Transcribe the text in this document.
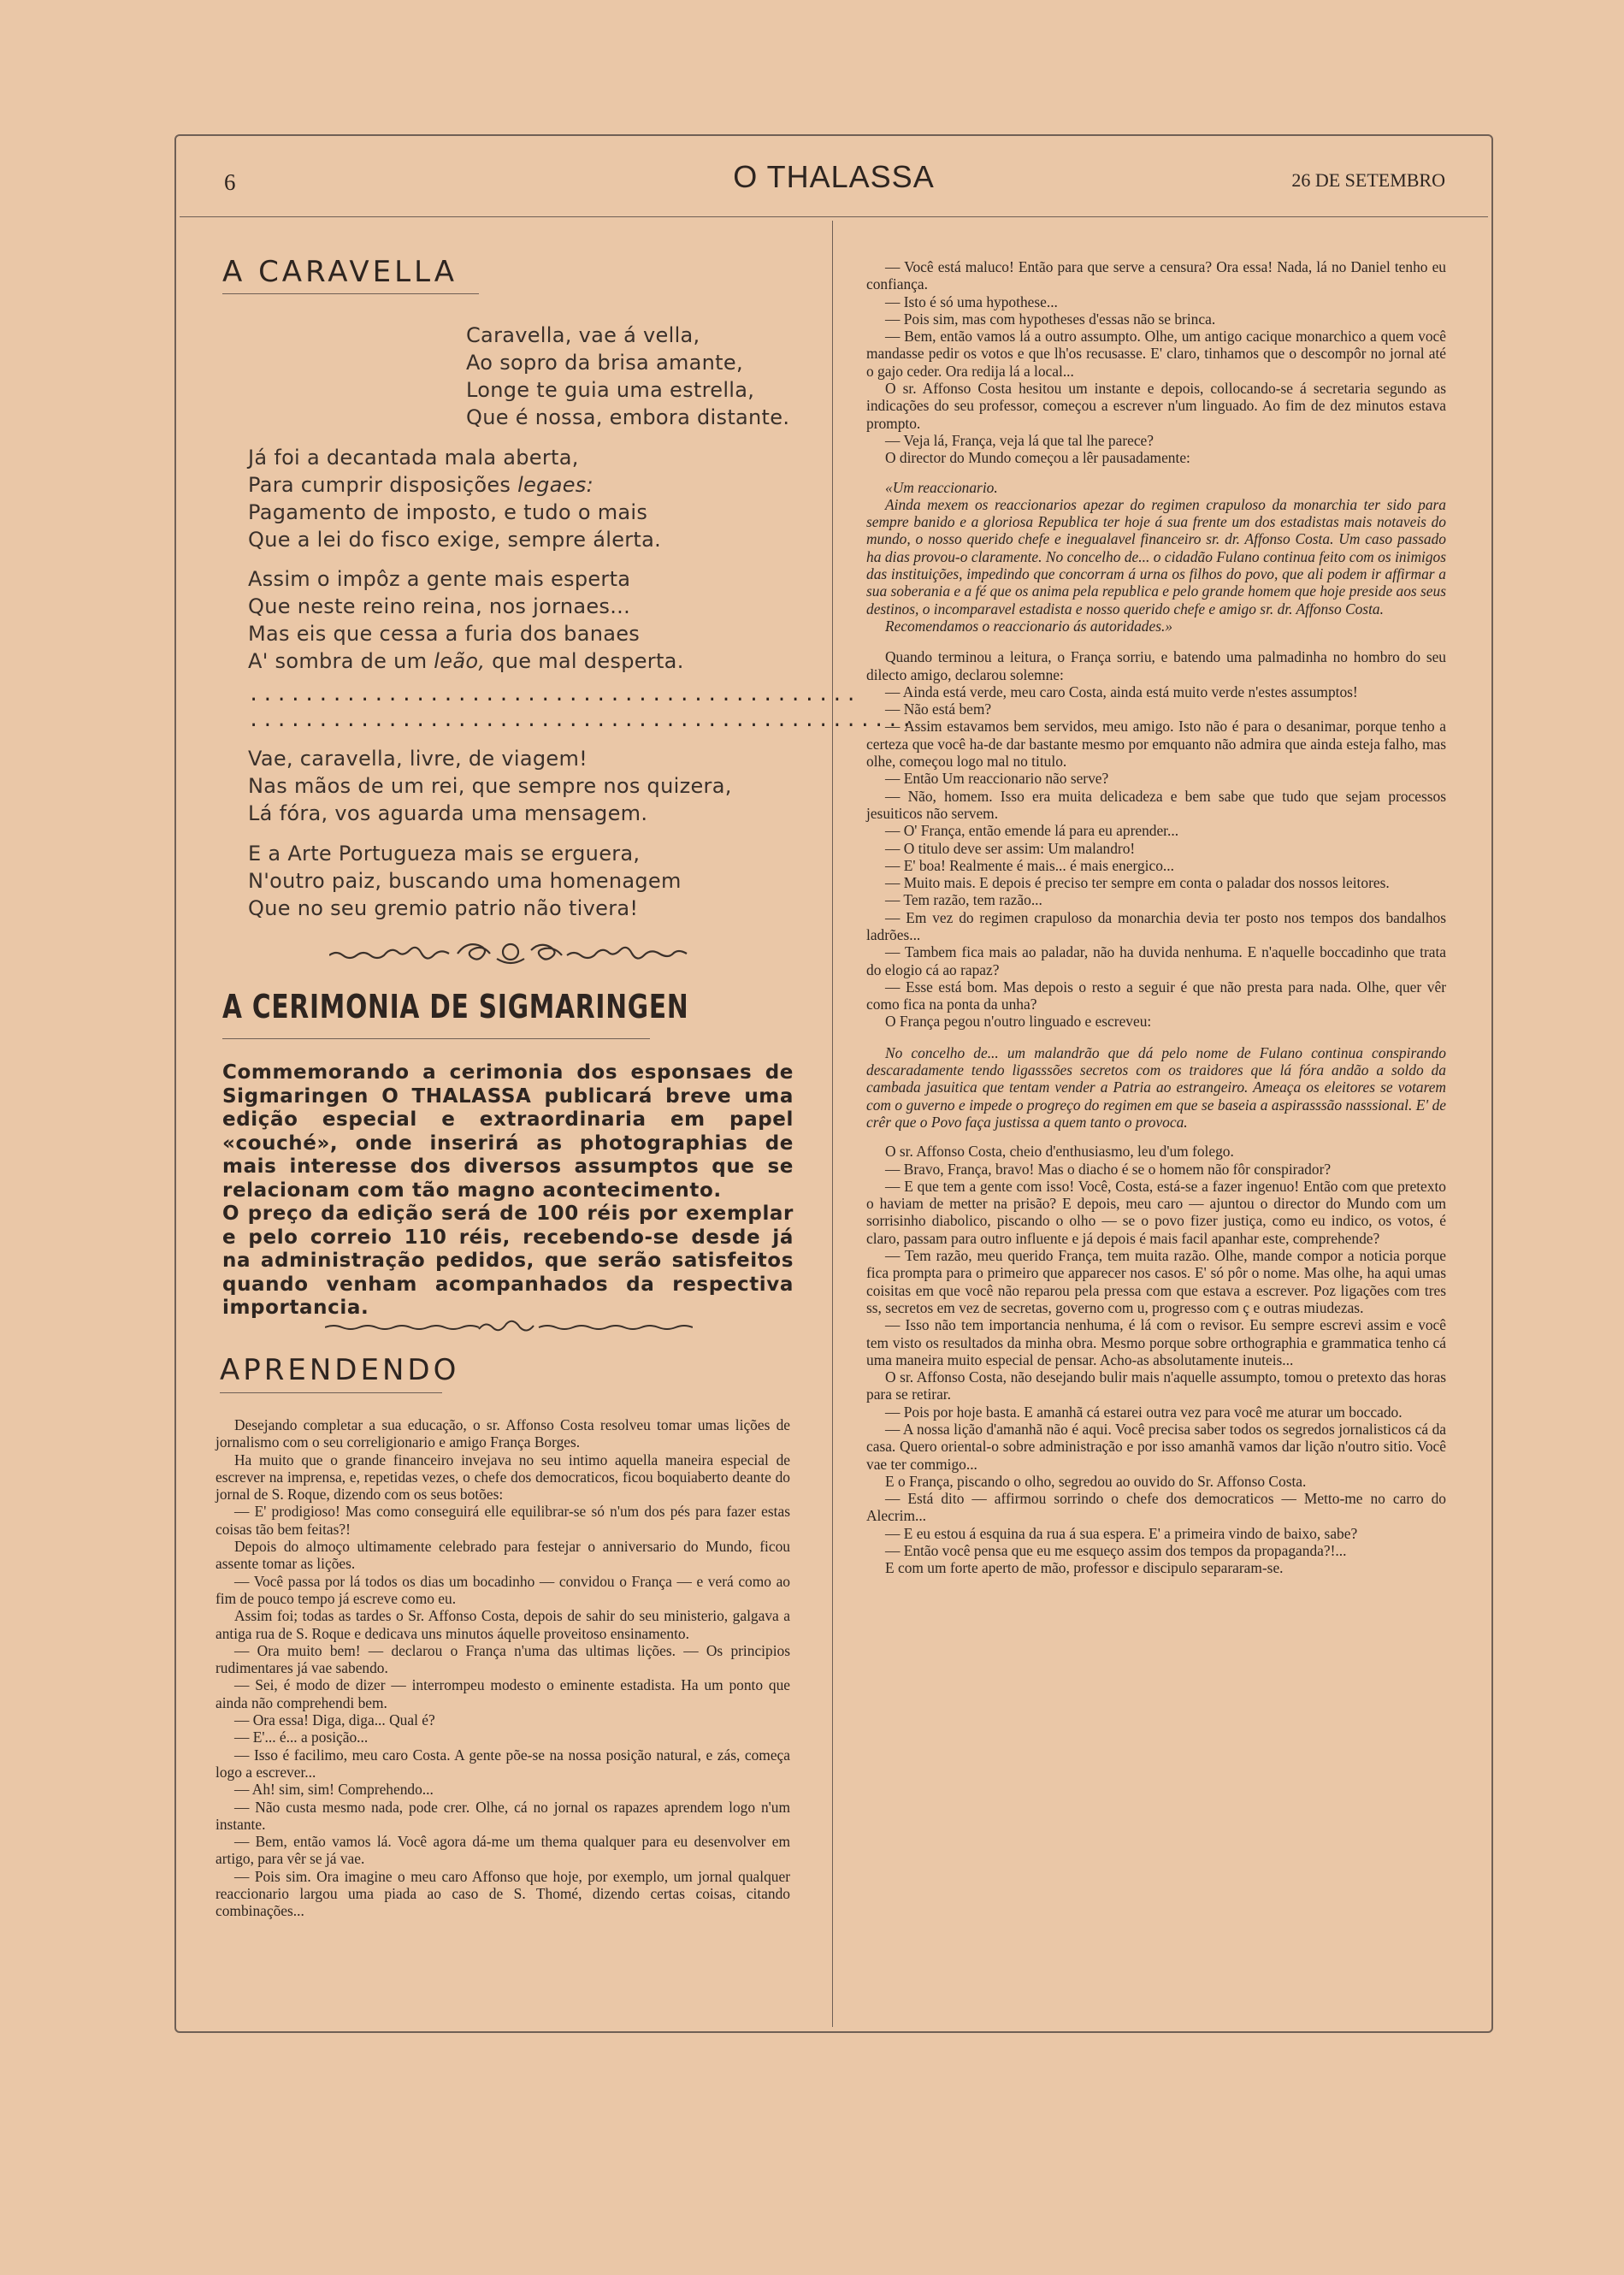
6	O THALASSA	26 DE SETEMBRO
A CARAVELLA
Caravella, vae á vella,
Ao sopro da brisa amante,
Longe te guia uma estrella,
Que é nossa, embora distante.
Já foi a decantada mala aberta,
Para cumprir disposições legaes:
Pagamento de imposto, e tudo o mais
Que a lei do fisco exige, sempre álerta.
Assim o impôz a gente mais esperta
Que neste reino reina, nos jornaes...
Mas eis que cessa a furia dos banaes
A' sombra de um leão, que mal desperta.
............................................
................................................
Vae, caravella, livre, de viagem!
Nas mãos de um rei, que sempre nos quizera,
Lá fóra, vos aguarda uma mensagem.
E a Arte Portugueza mais se erguera,
N'outro paiz, buscando uma homenagem
Que no seu gremio patrio não tivera!
A CERIMONIA DE SIGMARINGEN

Commemorando a cerimonia dos esponsaes de Sigmaringen O THALASSA publicará breve uma edição especial e extraordinaria em papel «couché», onde inserirá as photographias de mais interesse dos diversos assumptos que se relacionam com tão magno acontecimento.

O preço da edição será de 100 réis por exemplar e pelo correio 110 réis, recebendo-se desde já na administração pedidos, que serão satisfeitos quando venham acompanhados da respectiva importancia.

APRENDENDO

Desejando completar a sua educação, o sr. Affonso Costa resolveu tomar umas lições de jornalismo com o seu correligionario e amigo França Borges.

Ha muito que o grande financeiro invejava no seu intimo aquella maneira especial de escrever na imprensa, e, repetidas vezes, o chefe dos democraticos, ficou boquiaberto deante do jornal de S. Roque, dizendo com os seus botões:

— E' prodigioso! Mas como conseguirá elle equilibrar-se só n'um dos pés para fazer estas coisas tão bem feitas?!

Depois do almoço ultimamente celebrado para festejar o anniversario do Mundo, ficou assente tomar as lições.

— Você passa por lá todos os dias um bocadinho — convidou o França — e verá como ao fim de pouco tempo já escreve como eu.

Assim foi; todas as tardes o Sr. Affonso Costa, depois de sahir do seu ministerio, galgava a antiga rua de S. Roque e dedicava uns minutos áquelle proveitoso ensinamento.

— Ora muito bem! — declarou o França n'uma das ultimas lições. — Os principios rudimentares já vae sabendo.

— Sei, é modo de dizer — interrompeu modesto o eminente estadista. Ha um ponto que ainda não comprehendi bem.

— Ora essa! Diga, diga... Qual é?

— E'... é... a posição...

— Isso é facilimo, meu caro Costa. A gente põe-se na nossa posição natural, e zás, começa logo a escrever...

— Ah! sim, sim! Comprehendo...

— Não custa mesmo nada, pode crer. Olhe, cá no jornal os rapazes aprendem logo n'um instante.

— Bem, então vamos lá. Você agora dá-me um thema qualquer para eu desenvolver em artigo, para vêr se já vae.

— Pois sim. Ora imagine o meu caro Affonso que hoje, por exemplo, um jornal qualquer reaccionario largou uma piada ao caso de S. Thomé, dizendo certas coisas, citando combinações...

— Você está maluco! Então para que serve a censura? Ora essa! Nada, lá no Daniel tenho eu confiança.

— Isto é só uma hypothese...

— Pois sim, mas com hypotheses d'essas não se brinca.

— Bem, então vamos lá a outro assumpto. Olhe, um antigo cacique monarchico a quem você mandasse pedir os votos e que lh'os recusasse. E' claro, tinhamos que o descompôr no jornal até o gajo ceder. Ora redija lá a local...

O sr. Affonso Costa hesitou um instante e depois, collocando-se á secretaria segundo as indicações do seu professor, começou a escrever n'um linguado. Ao fim de dez minutos estava prompto.

— Veja lá, França, veja lá que tal lhe parece?

O director do Mundo começou a lêr pausadamente:

«Um reaccionario.

Ainda mexem os reaccionarios apezar do regimen crapuloso da monarchia ter sido para sempre banido e a gloriosa Republica ter hoje á sua frente um dos estadistas mais notaveis do mundo, o nosso querido chefe e inegualavel financeiro sr. dr. Affonso Costa. Um caso passado ha dias provou-o claramente. No concelho de... o cidadão Fulano continua feito com os inimigos das instituições, impedindo que concorram á urna os filhos do povo, que ali podem ir affirmar a sua soberania e a fé que os anima pela republica e pelo grande homem que hoje preside aos seus destinos, o incomparavel estadista e nosso querido chefe e amigo sr. dr. Affonso Costa.

Recomendamos o reaccionario ás autoridades.»

Quando terminou a leitura, o França sorriu, e batendo uma palmadinha no hombro do seu dilecto amigo, declarou solemne:

— Ainda está verde, meu caro Costa, ainda está muito verde n'estes assumptos!

— Não está bem?

— Assim estavamos bem servidos, meu amigo. Isto não é para o desanimar, porque tenho a certeza que você ha-de dar bastante mesmo por emquanto não admira que ainda esteja falho, mas olhe, começou logo mal no titulo.

— Então Um reaccionario não serve?

— Não, homem. Isso era muita delicadeza e bem sabe que tudo que sejam processos jesuiticos não servem.

— O' França, então emende lá para eu aprender...

— O titulo deve ser assim: Um malandro!

— E' boa! Realmente é mais... é mais energico...

— Muito mais. E depois é preciso ter sempre em conta o paladar dos nossos leitores.

— Tem razão, tem razão...

— Em vez do regimen crapuloso da monarchia devia ter posto nos tempos dos bandalhos ladrões...

— Tambem fica mais ao paladar, não ha duvida nenhuma. E n'aquelle boccadinho que trata do elogio cá ao rapaz?

— Esse está bom. Mas depois o resto a seguir é que não presta para nada. Olhe, quer vêr como fica na ponta da unha?

O França pegou n'outro linguado e escreveu:

No concelho de... um malandrão que dá pelo nome de Fulano continua conspirando descaradamente tendo ligasssões secretos com os traidores que lá fóra andão a soldo da cambada jasuitica que tentam vender a Patria ao estrangeiro. Ameaça os eleitores se votarem com o guverno e impede o progreço do regimen em que se baseia a aspirasssão nasssional. E' de crêr que o Povo faça justissa a quem tanto o provoca.

O sr. Affonso Costa, cheio d'enthusiasmo, leu d'um folego.

— Bravo, França, bravo! Mas o diacho é se o homem não fôr conspirador?

— E que tem a gente com isso! Você, Costa, está-se a fazer ingenuo! Então com que pretexto o haviam de metter na prisão? E depois, meu caro — ajuntou o director do Mundo com um sorrisinho diabolico, piscando o olho — se o povo fizer justiça, como eu indico, os votos, é claro, passam para outro influente e já depois é mais facil apanhar este, comprehende?

— Tem razão, meu querido França, tem muita razão. Olhe, mande compor a noticia porque fica prompta para o primeiro que apparecer nos casos. E' só pôr o nome. Mas olhe, ha aqui umas coisitas em que você não reparou pela pressa com que estava a escrever. Poz ligações com tres ss, secretos em vez de secretas, governo com u, progresso com ç e outras miudezas.

— Isso não tem importancia nenhuma, é lá com o revisor. Eu sempre escrevi assim e você tem visto os resultados da minha obra. Mesmo porque sobre orthographia e grammatica tenho cá uma maneira muito especial de pensar. Acho-as absolutamente inuteis...

O sr. Affonso Costa, não desejando bulir mais n'aquelle assumpto, tomou o pretexto das horas para se retirar.

— Pois por hoje basta. E amanhã cá estarei outra vez para você me aturar um boccado.

— A nossa lição d'amanhã não é aqui. Você precisa saber todos os segredos jornalisticos cá da casa. Quero oriental-o sobre administração e por isso amanhã vamos dar lição n'outro sitio. Você vae ter commigo...

E o França, piscando o olho, segredou ao ouvido do Sr. Affonso Costa.

— Está dito — affirmou sorrindo o chefe dos democraticos — Metto-me no carro do Alecrim...

— E eu estou á esquina da rua á sua espera. E' a primeira vindo de baixo, sabe?

— Então você pensa que eu me esqueço assim dos tempos da propaganda?!...

E com um forte aperto de mão, professor e discipulo separaram-se.
